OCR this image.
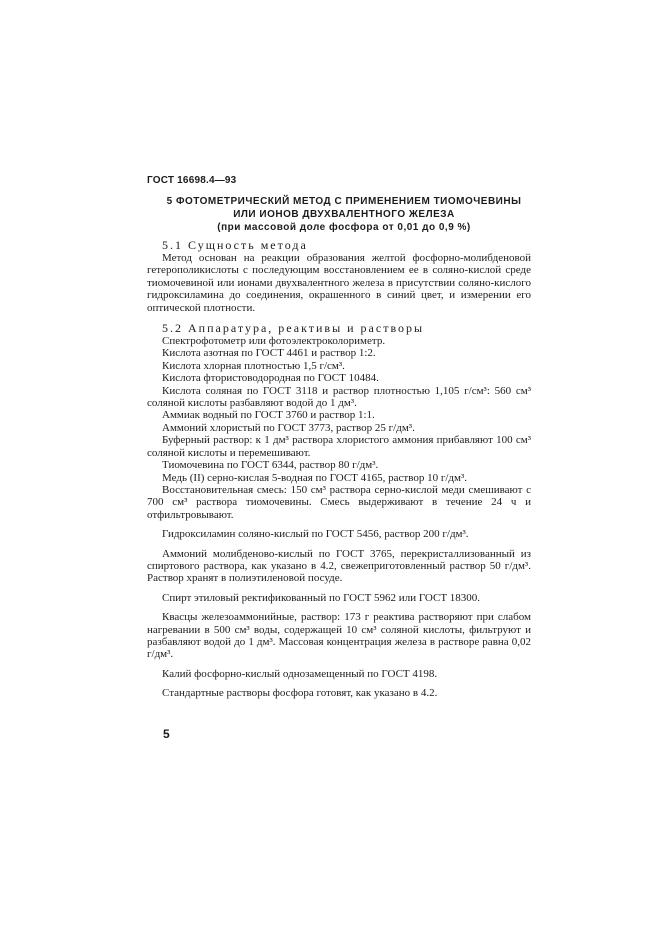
ГОСТ 16698.4—93
5 ФОТОМЕТРИЧЕСКИЙ МЕТОД С ПРИМЕНЕНИЕМ ТИОМОЧЕВИНЫ
ИЛИ ИОНОВ ДВУХВАЛЕНТНОГО ЖЕЛЕЗА
(при массовой доле фосфора от 0,01 до 0,9 %)

5.1 Сущность метода

Метод основан на реакции образования желтой фосфорно-молибденовой гетерополикислоты с последующим восстановлением ее в соляно-кислой среде тиомочевиной или ионами двухвалентного железа в присутствии соляно-кислого гидроксиламина до соединения, окрашенного в синий цвет, и измерении его оптической плотности.

5.2 Аппаратура, реактивы и растворы

Спектрофотометр или фотоэлектроколориметр.

Кислота азотная по ГОСТ 4461 и раствор 1:2.

Кислота хлорная плотностью 1,5 г/см³.

Кислота фтористоводородная по ГОСТ 10484.

Кислота соляная по ГОСТ 3118 и раствор плотностью 1,105 г/см³: 560 см³ соляной кислоты разбавляют водой до 1 дм³.

Аммиак водный по ГОСТ 3760 и раствор 1:1.

Аммоний хлористый по ГОСТ 3773, раствор 25 г/дм³.

Буферный раствор: к 1 дм³ раствора хлористого аммония прибавляют 100 см³ соляной кислоты и перемешивают.

Тиомочевина по ГОСТ 6344, раствор 80 г/дм³.

Медь (II) серно-кислая 5-водная по ГОСТ 4165, раствор 10 г/дм³.

Восстановительная смесь: 150 см³ раствора серно-кислой меди смешивают с 700 см³ раствора тиомочевины. Смесь выдерживают в течение 24 ч и отфильтровывают.

Гидроксиламин соляно-кислый по ГОСТ 5456, раствор 200 г/дм³.

Аммоний молибденово-кислый по ГОСТ 3765, перекристаллизованный из спиртового раствора, как указано в 4.2, свежеприготовленный раствор 50 г/дм³. Раствор хранят в полиэтиленовой посуде.

Спирт этиловый ректификованный по ГОСТ 5962 или ГОСТ 18300.

Квасцы железоаммонийные, раствор: 173 г реактива растворяют при слабом нагревании в 500 см³ воды, содержащей 10 см³ соляной кислоты, фильтруют и разбавляют водой до 1 дм³. Массовая концентрация железа в растворе равна 0,02 г/дм³.

Калий фосфорно-кислый однозамещенный по ГОСТ 4198.

Стандартные растворы фосфора готовят, как указано в 4.2.

5
